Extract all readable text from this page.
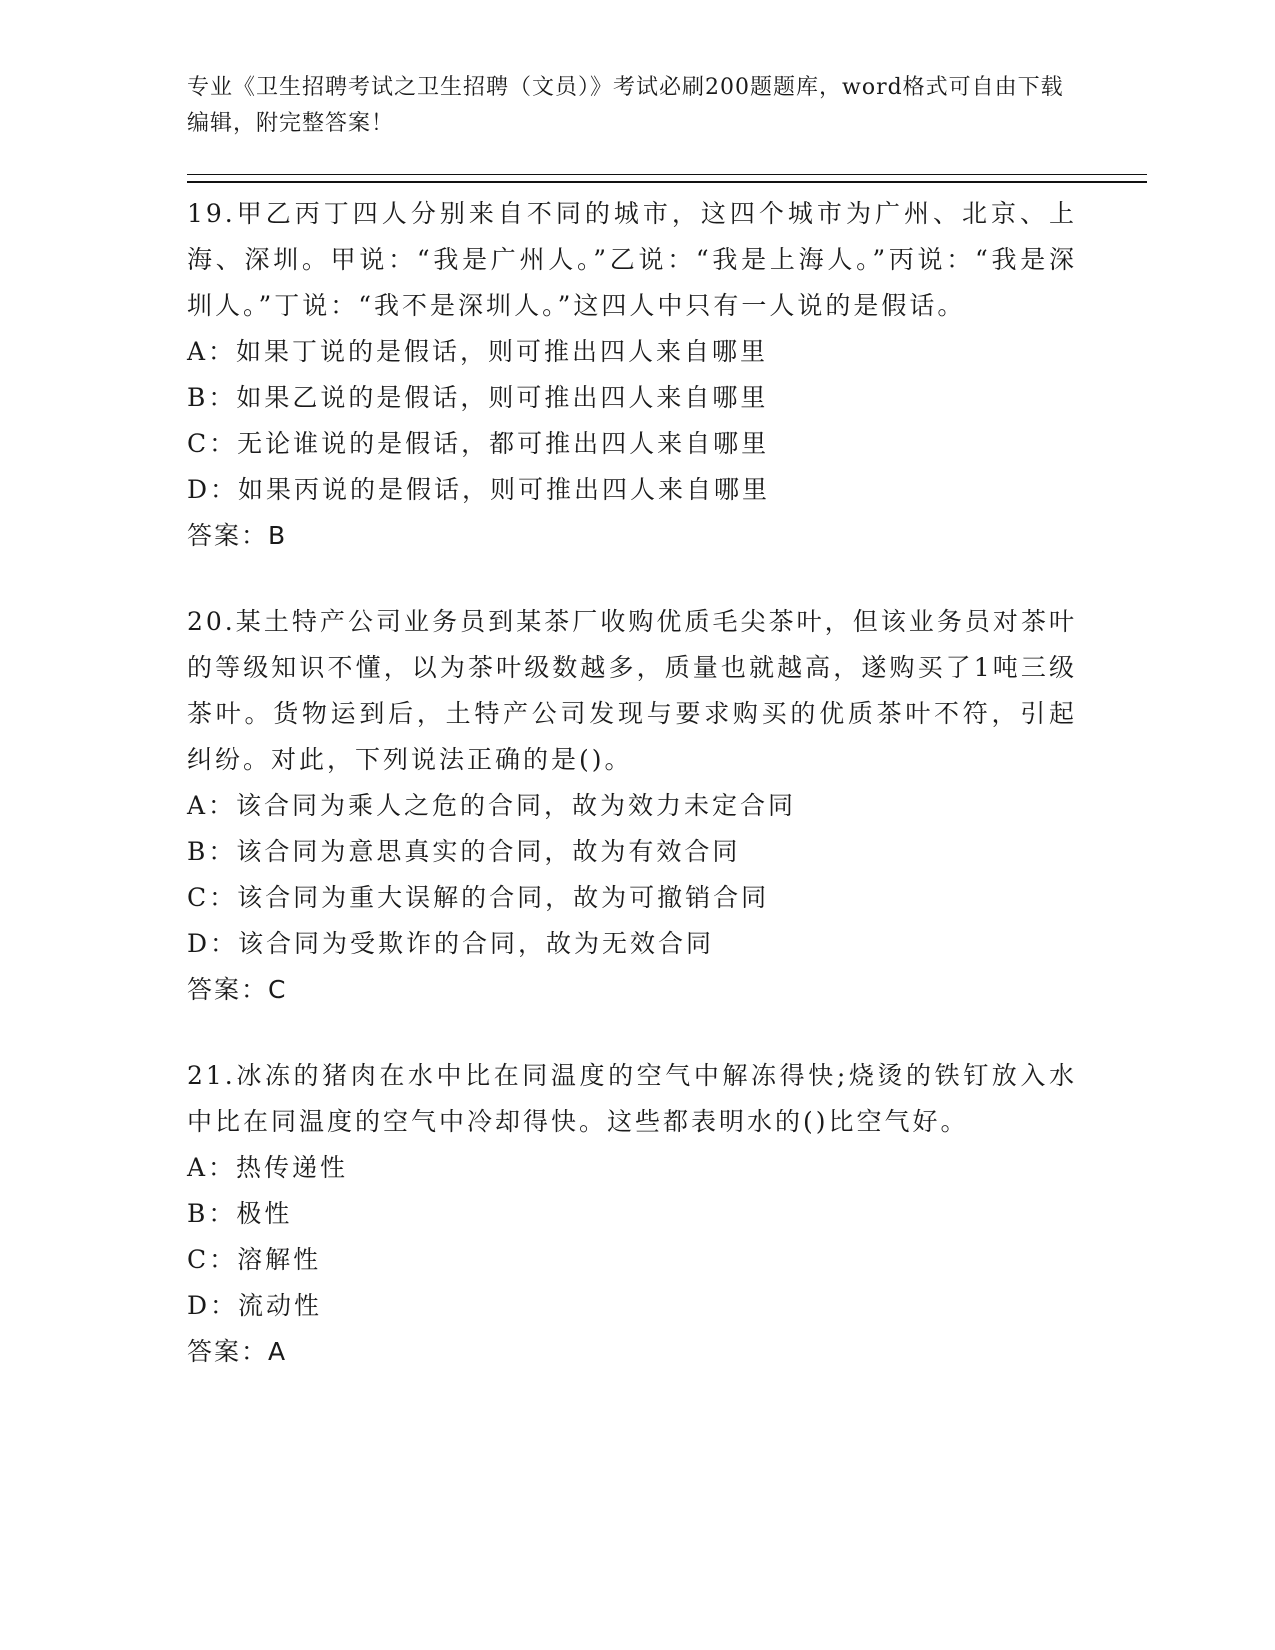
专业《卫生招聘考试之卫生招聘（文员）》考试必刷200题题库，word格式可自由下载编辑，附完整答案！
19.甲乙丙丁四人分别来自不同的城市，这四个城市为广州、北京、上海、深圳。甲说：“我是广州人。”乙说：“我是上海人。”丙说：“我是深圳人。”丁说：“我不是深圳人。”这四人中只有一人说的是假话。
A：如果丁说的是假话，则可推出四人来自哪里
B：如果乙说的是假话，则可推出四人来自哪里
C：无论谁说的是假话，都可推出四人来自哪里
D：如果丙说的是假话，则可推出四人来自哪里
答案：B
20.某土特产公司业务员到某茶厂收购优质毛尖茶叶，但该业务员对茶叶的等级知识不懂，以为茶叶级数越多，质量也就越高，遂购买了1吨三级茶叶。货物运到后，土特产公司发现与要求购买的优质茶叶不符，引起纠纷。对此，下列说法正确的是()。
A：该合同为乘人之危的合同，故为效力未定合同
B：该合同为意思真实的合同，故为有效合同
C：该合同为重大误解的合同，故为可撤销合同
D：该合同为受欺诈的合同，故为无效合同
答案：C
21.冰冻的猪肉在水中比在同温度的空气中解冻得快;烧烫的铁钉放入水中比在同温度的空气中冷却得快。这些都表明水的()比空气好。
A：热传递性
B：极性
C：溶解性
D：流动性
答案：A
